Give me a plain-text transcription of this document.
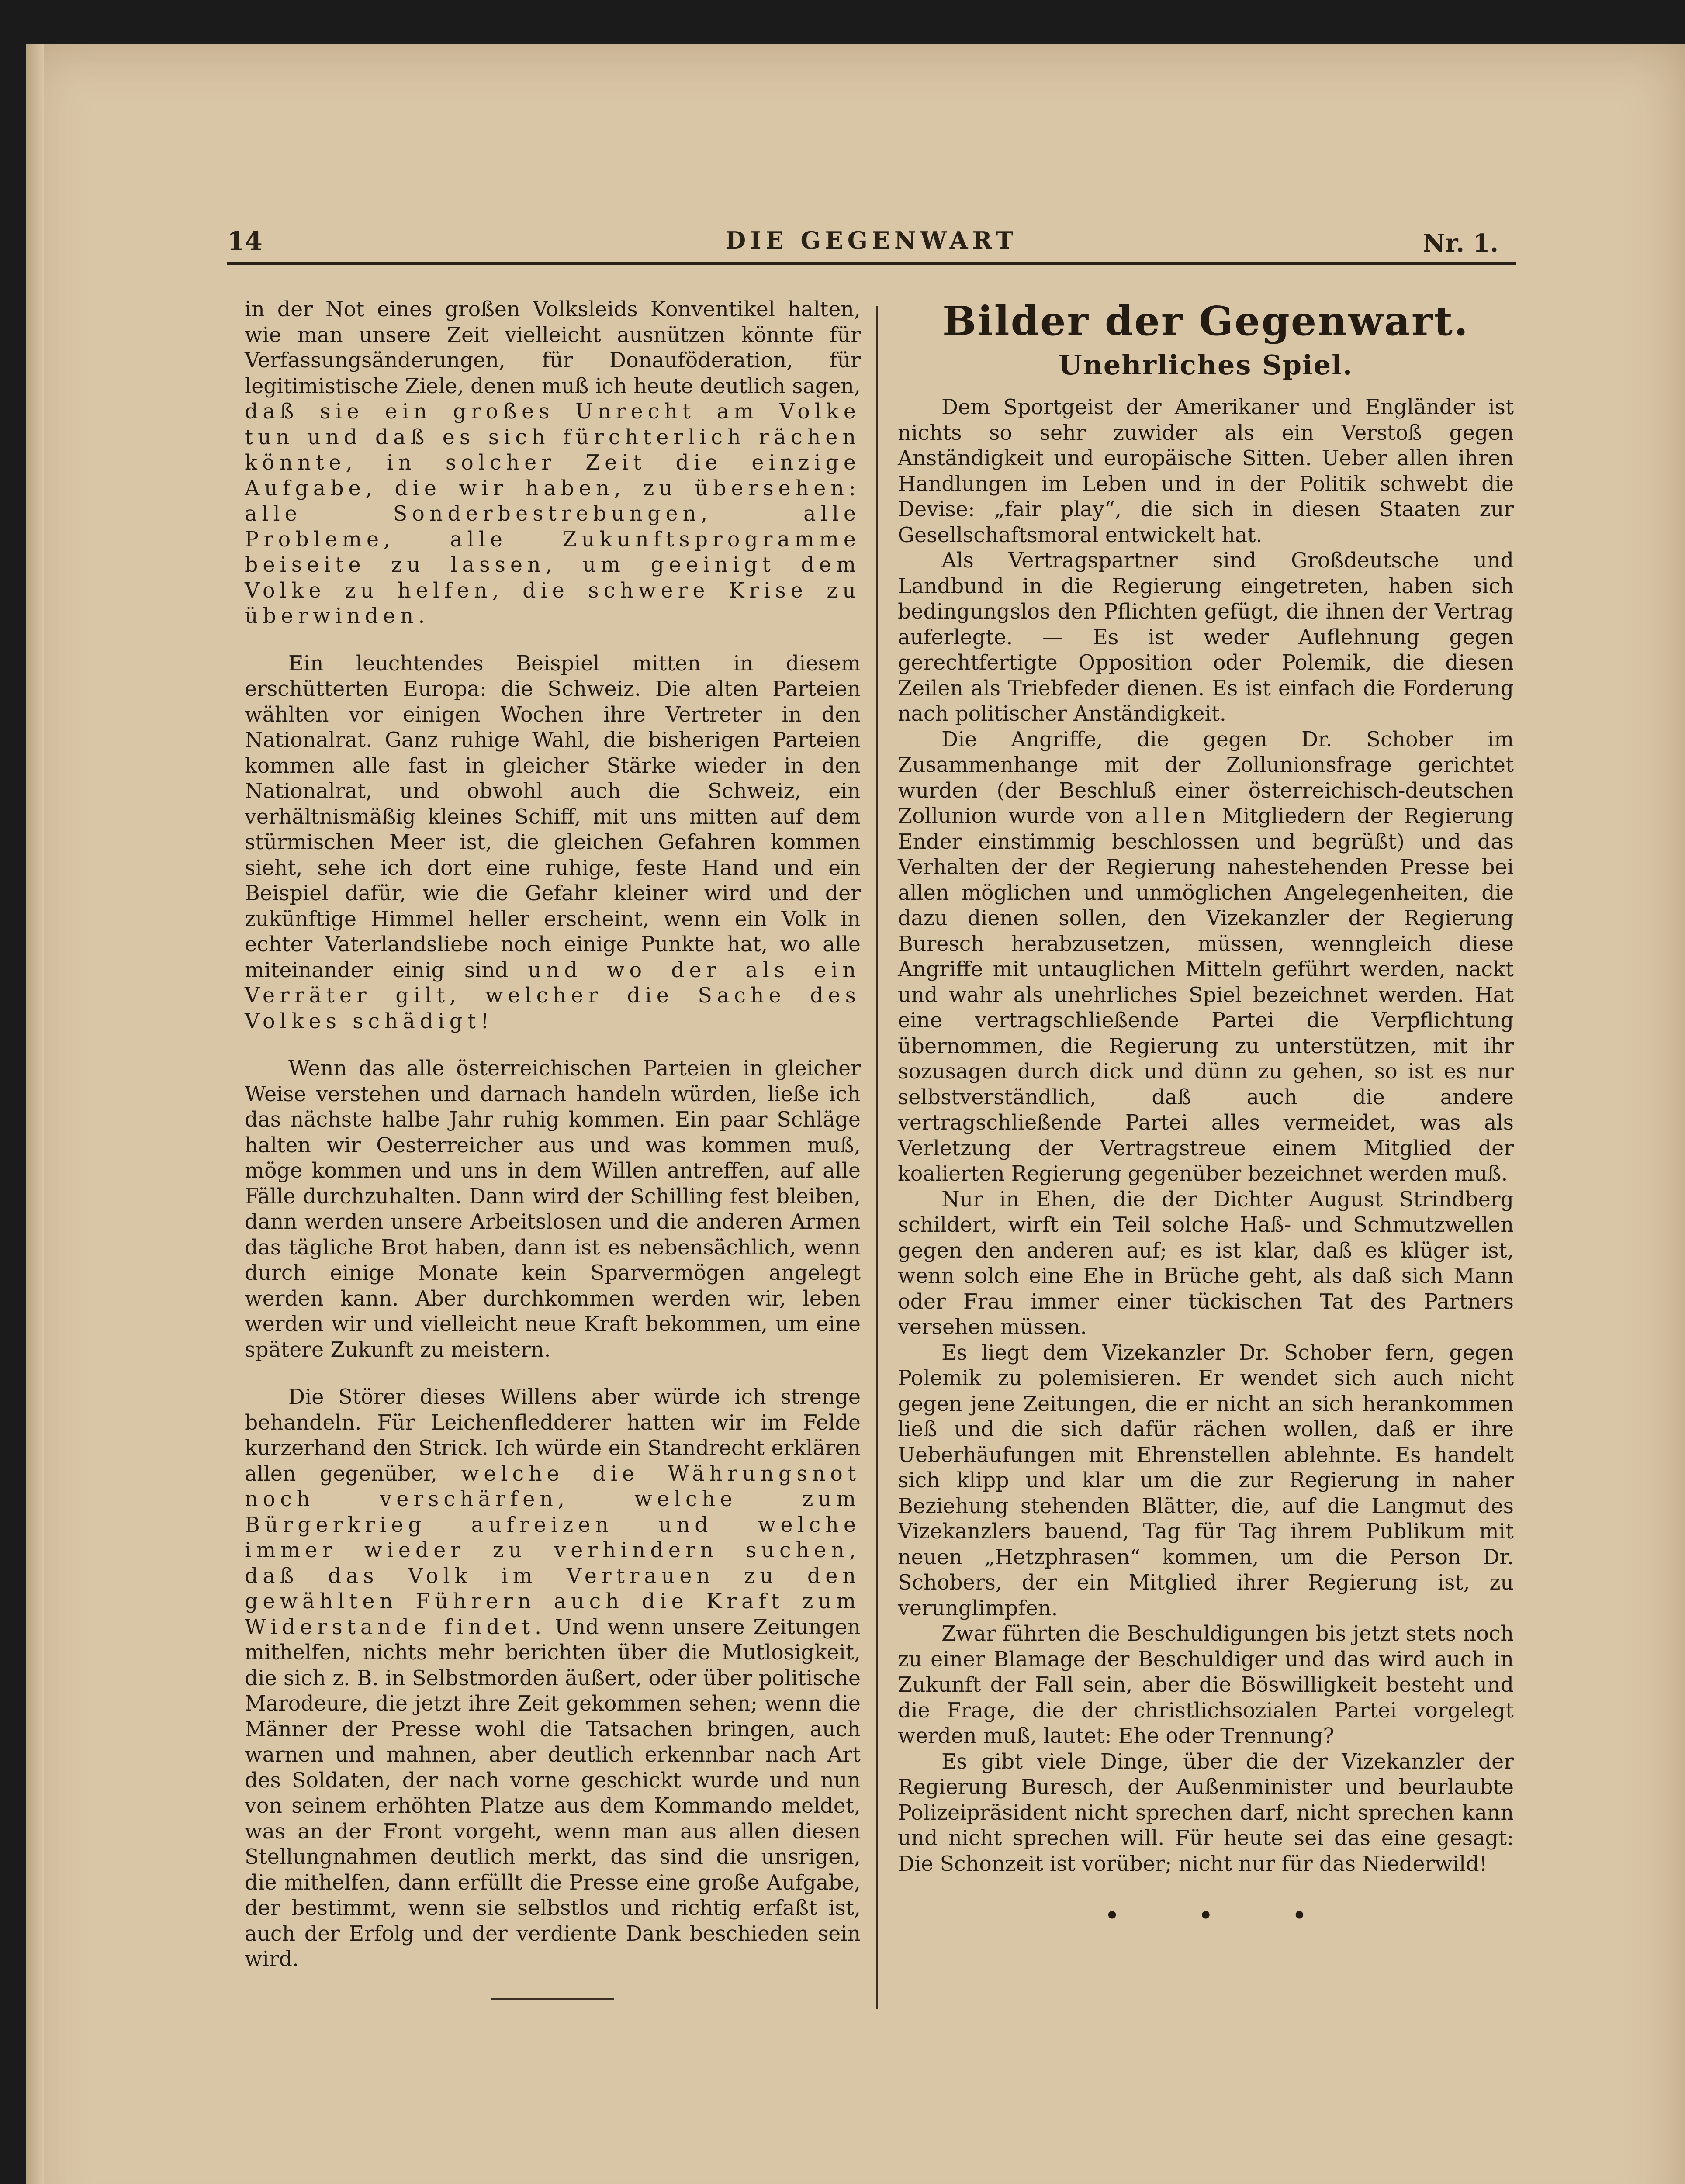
14	DIE GEGENWART	Nr. 1.

in der Not eines großen Volksleids Konventikel halten, wie man unsere Zeit vielleicht ausnützen könnte für Verfassungsänderungen, für Donauföderation, für legitimistische Ziele, denen muß ich heute deutlich sagen, daß sie ein großes Unrecht am Volke tun und daß es sich fürchterlich rächen könnte, in solcher Zeit die einzige Aufgabe, die wir haben, zu übersehen: alle Sonderbestrebungen, alle Probleme, alle Zukunftsprogramme beiseite zu lassen, um geeinigt dem Volke zu helfen, die schwere Krise zu überwinden.

Ein leuchtendes Beispiel mitten in diesem erschütterten Europa: die Schweiz. Die alten Parteien wählten vor einigen Wochen ihre Vertreter in den Nationalrat. Ganz ruhige Wahl, die bisherigen Parteien kommen alle fast in gleicher Stärke wieder in den Nationalrat, und obwohl auch die Schweiz, ein verhältnismäßig kleines Schiff, mit uns mitten auf dem stürmischen Meer ist, die gleichen Gefahren kommen sieht, sehe ich dort eine ruhige, feste Hand und ein Beispiel dafür, wie die Gefahr kleiner wird und der zukünftige Himmel heller erscheint, wenn ein Volk in echter Vaterlandsliebe noch einige Punkte hat, wo alle miteinander einig sind und wo der als ein Verräter gilt, welcher die Sache des Volkes schädigt!

Wenn das alle österreichischen Parteien in gleicher Weise verstehen und darnach handeln würden, ließe ich das nächste halbe Jahr ruhig kommen. Ein paar Schläge halten wir Oesterreicher aus und was kommen muß, möge kommen und uns in dem Willen antreffen, auf alle Fälle durchzuhalten. Dann wird der Schilling fest bleiben, dann werden unsere Arbeitslosen und die anderen Armen das tägliche Brot haben, dann ist es nebensächlich, wenn durch einige Monate kein Sparvermögen angelegt werden kann. Aber durchkommen werden wir, leben werden wir und vielleicht neue Kraft bekommen, um eine spätere Zukunft zu meistern.

Die Störer dieses Willens aber würde ich strenge behandeln. Für Leichenfledderer hatten wir im Felde kurzerhand den Strick. Ich würde ein Standrecht erklären allen gegenüber, welche die Währungsnot noch verschärfen, welche zum Bürgerkrieg aufreizen und welche immer wieder zu verhindern suchen, daß das Volk im Vertrauen zu den gewählten Führern auch die Kraft zum Widerstande findet. Und wenn unsere Zeitungen mithelfen, nichts mehr berichten über die Mutlosigkeit, die sich z. B. in Selbstmorden äußert, oder über politische Marodeure, die jetzt ihre Zeit gekommen sehen; wenn die Männer der Presse wohl die Tatsachen bringen, auch warnen und mahnen, aber deutlich erkennbar nach Art des Soldaten, der nach vorne geschickt wurde und nun von seinem erhöhten Platze aus dem Kommando meldet, was an der Front vorgeht, wenn man aus allen diesen Stellungnahmen deutlich merkt, das sind die unsrigen, die mithelfen, dann erfüllt die Presse eine große Aufgabe, der bestimmt, wenn sie selbstlos und richtig erfaßt ist, auch der Erfolg und der verdiente Dank beschieden sein wird.

Bilder der Gegenwart.
Unehrliches Spiel.

Dem Sportgeist der Amerikaner und Engländer ist nichts so sehr zuwider als ein Verstoß gegen Anständigkeit und europäische Sitten. Ueber allen ihren Handlungen im Leben und in der Politik schwebt die Devise: „fair play“, die sich in diesen Staaten zur Gesellschaftsmoral entwickelt hat.

Als Vertragspartner sind Großdeutsche und Landbund in die Regierung eingetreten, haben sich bedingungslos den Pflichten gefügt, die ihnen der Vertrag auferlegte. — Es ist weder Auflehnung gegen gerechtfertigte Opposition oder Polemik, die diesen Zeilen als Triebfeder dienen. Es ist einfach die Forderung nach politischer Anständigkeit.

Die Angriffe, die gegen Dr. Schober im Zusammenhange mit der Zollunionsfrage gerichtet wurden (der Beschluß einer österreichisch-deutschen Zollunion wurde von allen Mitgliedern der Regierung Ender einstimmig beschlossen und begrüßt) und das Verhalten der der Regierung nahestehenden Presse bei allen möglichen und unmöglichen Angelegenheiten, die dazu dienen sollen, den Vizekanzler der Regierung Buresch herabzusetzen, müssen, wenngleich diese Angriffe mit untauglichen Mitteln geführt werden, nackt und wahr als unehrliches Spiel bezeichnet werden. Hat eine vertragschließende Partei die Verpflichtung übernommen, die Regierung zu unterstützen, mit ihr sozusagen durch dick und dünn zu gehen, so ist es nur selbstverständlich, daß auch die andere vertragschließende Partei alles vermeidet, was als Verletzung der Vertragstreue einem Mitglied der koalierten Regierung gegenüber bezeichnet werden muß.

Nur in Ehen, die der Dichter August Strindberg schildert, wirft ein Teil solche Haß- und Schmutzwellen gegen den anderen auf; es ist klar, daß es klüger ist, wenn solch eine Ehe in Brüche geht, als daß sich Mann oder Frau immer einer tückischen Tat des Partners versehen müssen.

Es liegt dem Vizekanzler Dr. Schober fern, gegen Polemik zu polemisieren. Er wendet sich auch nicht gegen jene Zeitungen, die er nicht an sich herankommen ließ und die sich dafür rächen wollen, daß er ihre Ueberhäufungen mit Ehrenstellen ablehnte. Es handelt sich klipp und klar um die zur Regierung in naher Beziehung stehenden Blätter, die, auf die Langmut des Vizekanzlers bauend, Tag für Tag ihrem Publikum mit neuen „Hetzphrasen“ kommen, um die Person Dr. Schobers, der ein Mitglied ihrer Regierung ist, zu verunglimpfen.

Zwar führten die Beschuldigungen bis jetzt stets noch zu einer Blamage der Beschuldiger und das wird auch in Zukunft der Fall sein, aber die Böswilligkeit besteht und die Frage, die der christlichsozialen Partei vorgelegt werden muß, lautet: Ehe oder Trennung?

Es gibt viele Dinge, über die der Vizekanzler der Regierung Buresch, der Außenminister und beurlaubte Polizeipräsident nicht sprechen darf, nicht sprechen kann und nicht sprechen will. Für heute sei das eine gesagt: Die Schonzeit ist vorüber; nicht nur für das Niederwild!

• • •
